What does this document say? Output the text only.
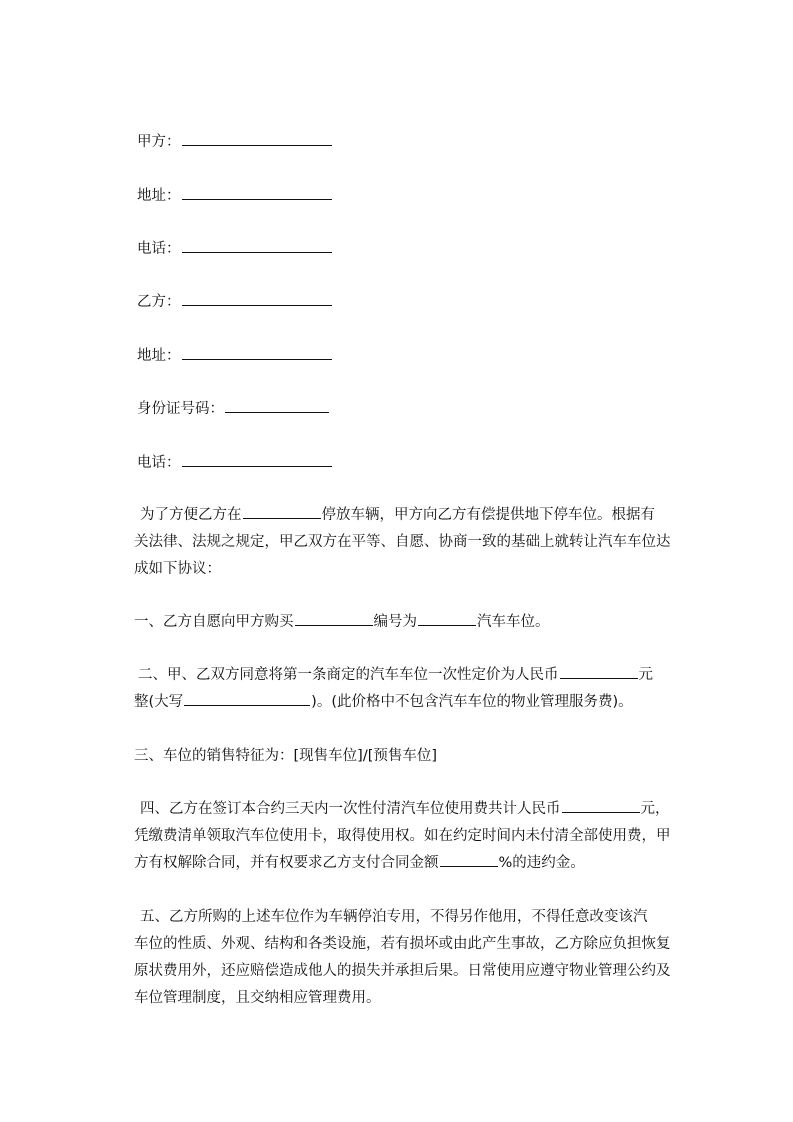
甲方：
地址：
电话：
乙方：
地址：
身份证号码：
电话：
为了方便乙方在	停放车辆，甲方向乙方有偿提供地下停车位。根据有
关法律、法规之规定，甲乙双方在平等、自愿、协商一致的基础上就转让汽车车位达
成如下协议：
一、乙方自愿向甲方购买	编号为	汽车车位。
二、甲、乙双方同意将第一条商定的汽车车位一次性定价为人民币	元
整(大写	)。(此价格中不包含汽车车位的物业管理服务费)。
三、车位的销售特征为：[现售车位]/[预售车位]
四、乙方在签订本合约三天内一次性付清汽车位使用费共计人民币	元，
凭缴费清单领取汽车位使用卡，取得使用权。如在约定时间内未付清全部使用费，甲
方有权解除合同，并有权要求乙方支付合同金额	%的违约金。
五、乙方所购的上述车位作为车辆停泊专用，不得另作他用，不得任意改变该汽
车位的性质、外观、结构和各类设施，若有损坏或由此产生事故，乙方除应负担恢复
原状费用外，还应赔偿造成他人的损失并承担后果。日常使用应遵守物业管理公约及
车位管理制度，且交纳相应管理费用。
